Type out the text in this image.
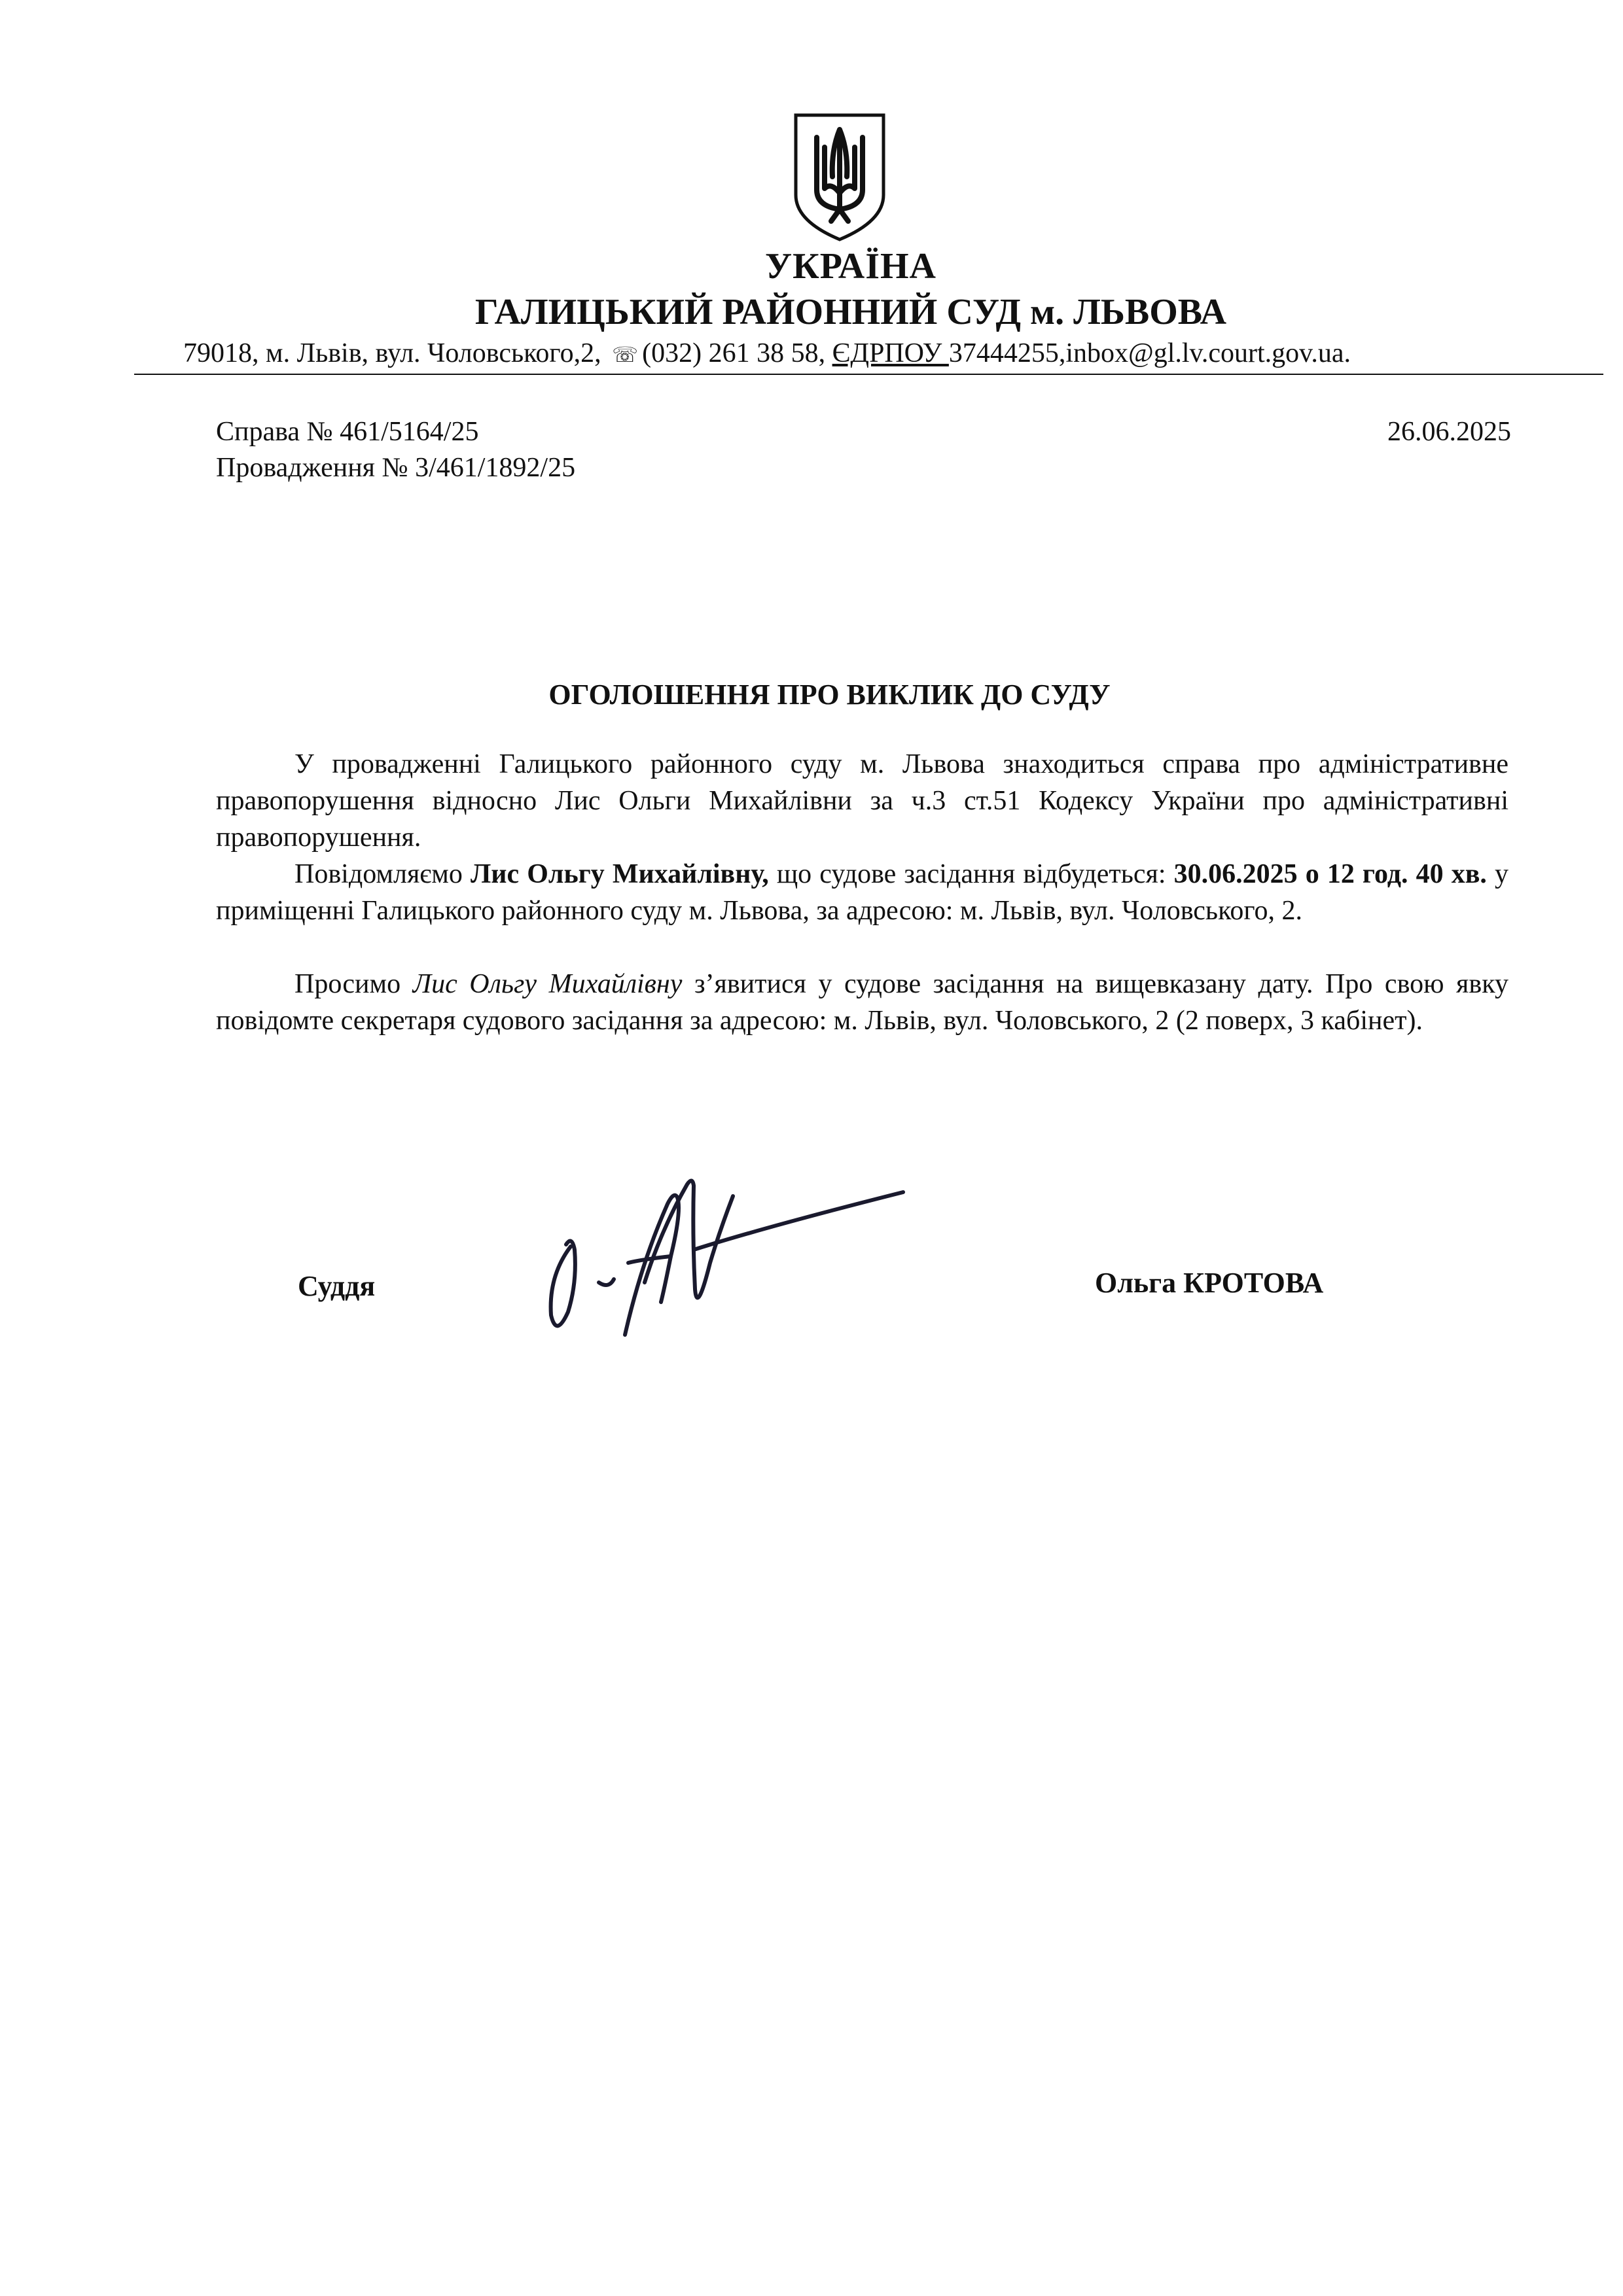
УКРАЇНА
ГАЛИЦЬКИЙ РАЙОННИЙ СУД м. ЛЬВОВА
79018, м. Львів, вул. Чоловського,2, ☏ (032) 261 38 58, ЄДРПОУ 37444255,inbox@gl.lv.court.gov.ua.
Справа № 461/5164/25
Провадження № 3/461/1892/25
26.06.2025
ОГОЛОШЕННЯ ПРО ВИКЛИК ДО СУДУ

У провадженні Галицького районного суду м. Львова знаходиться справа про адміністративне правопорушення відносно Лис Ольги Михайлівни за ч.3 ст.51 Кодексу України про адміністративні правопорушення.

Повідомляємо Лис Ольгу Михайлівну, що судове засідання відбудеться: 30.06.2025 о 12 год. 40 хв. у приміщенні Галицького районного суду м. Львова, за адресою: м. Львів, вул. Чоловського, 2.

Просимо Лис Ольгу Михайлівну з’явитися у судове засідання на вищевказану дату. Про свою явку повідомте секретаря судового засідання за адресою: м. Львів, вул. Чоловського, 2 (2 поверх, 3 кабінет).

Суддя	Ольга КРОТОВА
